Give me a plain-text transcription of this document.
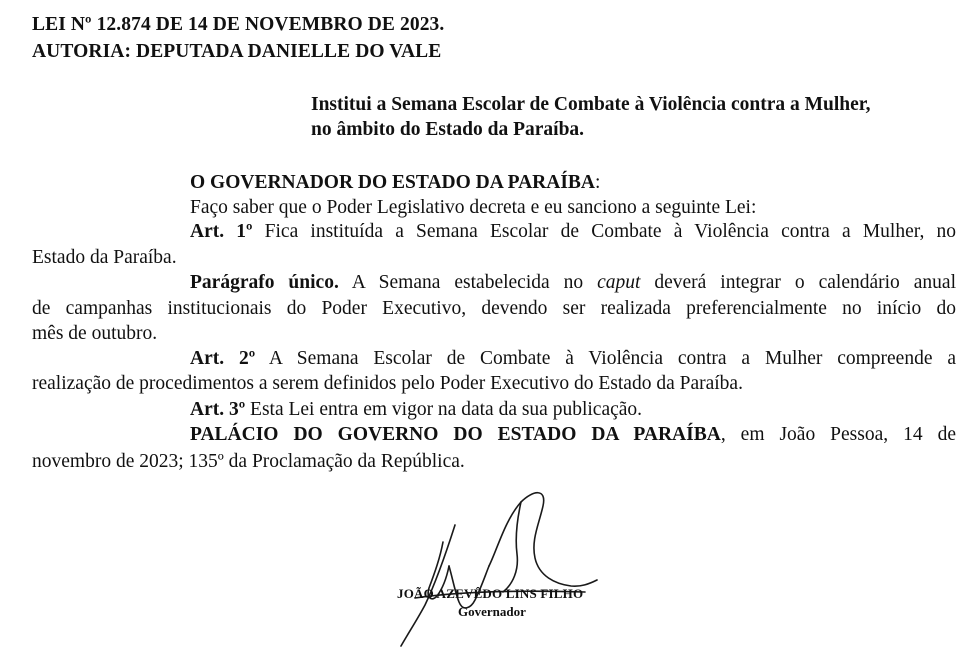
LEI Nº 12.874 DE 14 DE NOVEMBRO DE 2023.
AUTORIA: DEPUTADA DANIELLE DO VALE
Institui a Semana Escolar de Combate à Violência contra a Mulher,
no âmbito do Estado da Paraíba.
O GOVERNADOR DO ESTADO DA PARAÍBA:
Faço saber que o Poder Legislativo decreta e eu sanciono a seguinte Lei:
Art. 1º Fica instituída a Semana Escolar de Combate à Violência contra a Mulher, no
Estado da Paraíba.
Parágrafo único. A Semana estabelecida no caput deverá integrar o calendário anual
de campanhas institucionais do Poder Executivo, devendo ser realizada preferencialmente no início do
mês de outubro.
Art. 2º A Semana Escolar de Combate à Violência contra a Mulher compreende a
realização de procedimentos a serem definidos pelo Poder Executivo do Estado da Paraíba.
Art. 3º Esta Lei entra em vigor na data da sua publicação.
PALÁCIO DO GOVERNO DO ESTADO DA PARAÍBA, em João Pessoa, 14 de
novembro de 2023; 135º da Proclamação da República.
JOÃO AZEVÊDO LINS FILHO
Governador
